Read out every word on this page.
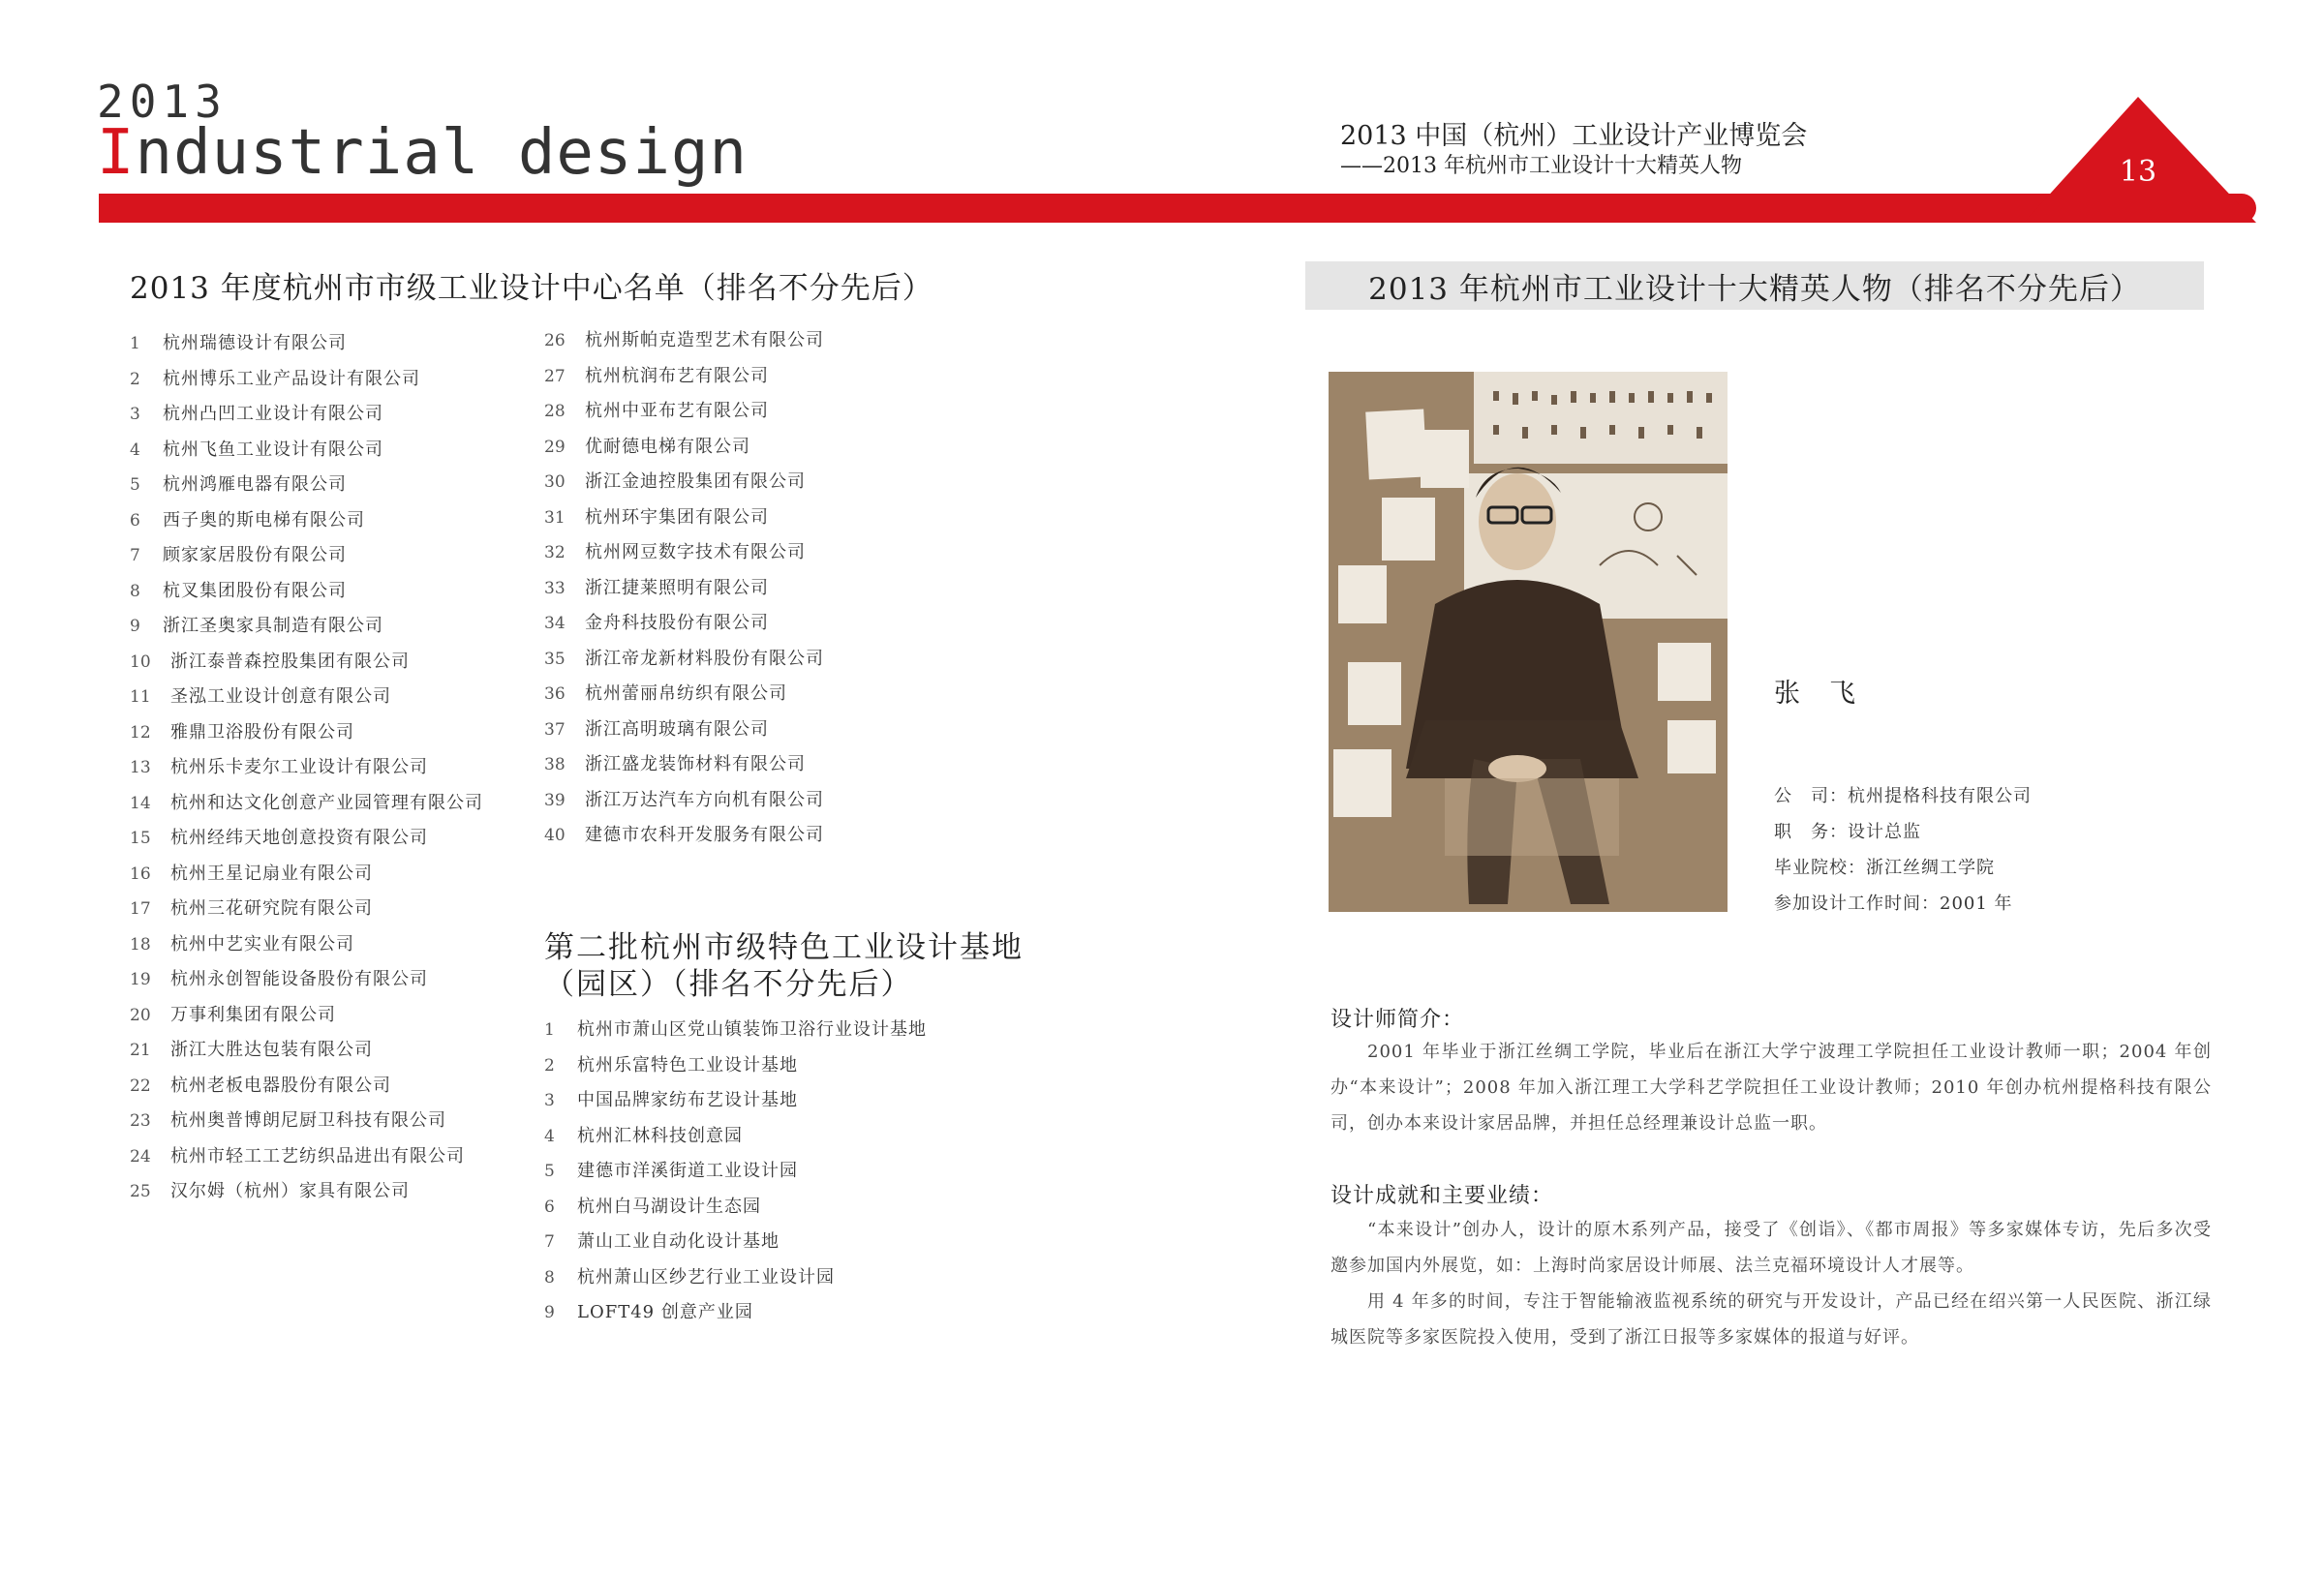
2013
Industrial design	13
2013 中国（杭州）工业设计产业博览会
——2013 年杭州市工业设计十大精英人物
2013 年度杭州市市级工业设计中心名单（排名不分先后）
1	杭州瑞德设计有限公司
2	杭州博乐工业产品设计有限公司
3	杭州凸凹工业设计有限公司
4	杭州飞鱼工业设计有限公司
5	杭州鸿雁电器有限公司
6	西子奥的斯电梯有限公司
7	顾家家居股份有限公司
8	杭叉集团股份有限公司
9	浙江圣奥家具制造有限公司
10	浙江泰普森控股集团有限公司
11	圣泓工业设计创意有限公司
12	雅鼎卫浴股份有限公司
13	杭州乐卡麦尔工业设计有限公司
14	杭州和达文化创意产业园管理有限公司
15	杭州经纬天地创意投资有限公司
16	杭州王星记扇业有限公司
17	杭州三花研究院有限公司
18	杭州中艺实业有限公司
19	杭州永创智能设备股份有限公司
20	万事利集团有限公司
21	浙江大胜达包装有限公司
22	杭州老板电器股份有限公司
23	杭州奥普博朗尼厨卫科技有限公司
24	杭州市轻工工艺纺织品进出有限公司
25	汉尔姆（杭州）家具有限公司
26	杭州斯帕克造型艺术有限公司
27	杭州杭润布艺有限公司
28	杭州中亚布艺有限公司
29	优耐德电梯有限公司
30	浙江金迪控股集团有限公司
31	杭州环宇集团有限公司
32	杭州网豆数字技术有限公司
33	浙江捷莱照明有限公司
34	金舟科技股份有限公司
35	浙江帝龙新材料股份有限公司
36	杭州蕾丽帛纺织有限公司
37	浙江高明玻璃有限公司
38	浙江盛龙装饰材料有限公司
39	浙江万达汽车方向机有限公司
40	建德市农科开发服务有限公司
第二批杭州市级特色工业设计基地（园区）（排名不分先后）
1	杭州市萧山区党山镇装饰卫浴行业设计基地
2	杭州乐富特色工业设计基地
3	中国品牌家纺布艺设计基地
4	杭州汇林科技创意园
5	建德市洋溪街道工业设计园
6	杭州白马湖设计生态园
7	萧山工业自动化设计基地
8	杭州萧山区纱艺行业工业设计园
9	LOFT49 创意产业园
2013 年杭州市工业设计十大精英人物（排名不分先后）
张飞
公　司：杭州提格科技有限公司
职　务：设计总监
毕业院校：浙江丝绸工学院
参加设计工作时间：2001 年
设计师简介：

2001 年毕业于浙江丝绸工学院，毕业后在浙江大学宁波理工学院担任工业设计教师一职；2004 年创办“本来设计”；2008 年加入浙江理工大学科艺学院担任工业设计教师；2010 年创办杭州提格科技有限公司，创办本来设计家居品牌，并担任总经理兼设计总监一职。

设计成就和主要业绩：

“本来设计”创办人，设计的原木系列产品，接受了《创诣》、《都市周报》等多家媒体专访，先后多次受邀参加国内外展览，如：上海时尚家居设计师展、法兰克福环境设计人才展等。

用 4 年多的时间，专注于智能输液监视系统的研究与开发设计，产品已经在绍兴第一人民医院、浙江绿城医院等多家医院投入使用，受到了浙江日报等多家媒体的报道与好评。
